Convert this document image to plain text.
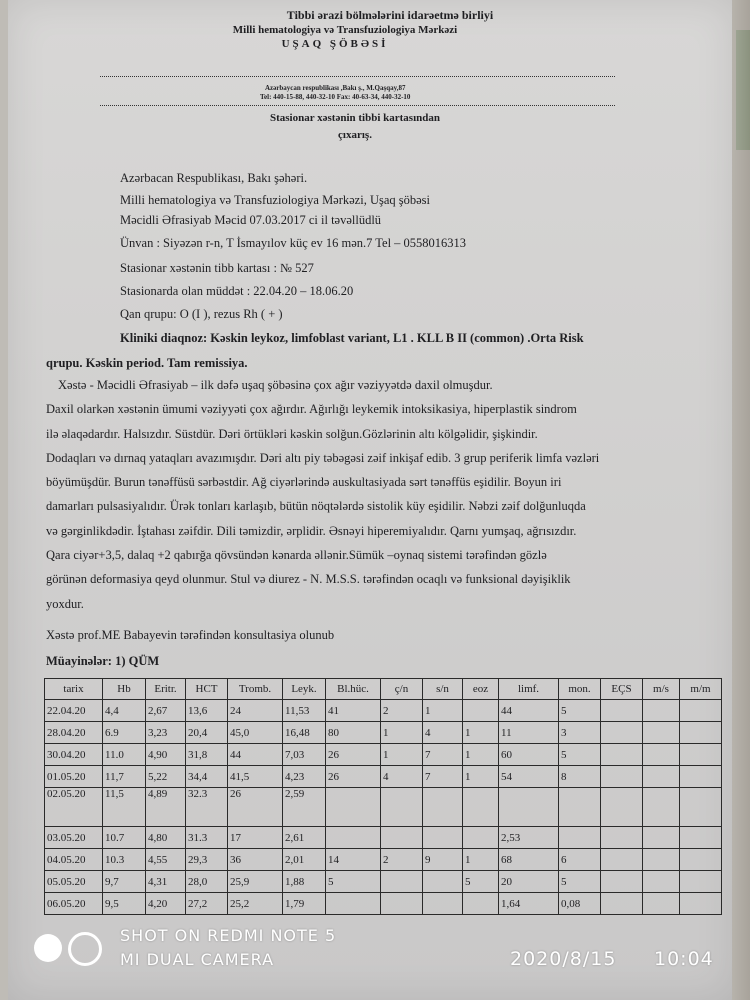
Tibbi ərazi bölmələrini idarəetmə birliyi
Milli hematologiya və Transfuziologiya Mərkəzi
UŞAQ ŞÖBƏSİ
Azərbaycan respublikası ,Bakı ş., M.Qaşqay,87
Tel: 440-15-88, 440-32-10 Fax: 40-63-34, 440-32-10
Stasionar xəstənin tibbi kartasından
çıxarış.
Azərbacan Respublikası, Bakı şəhəri.
Milli hematologiya və Transfuziologiya Mərkəzi, Uşaq şöbəsi
Məcidli Əfrasiyab Məcid 07.03.2017 ci il təvəllüdlü
Ünvan : Siyəzən r-n, T İsmayılov küç ev 16 mən.7 Tel – 0558016313
Stasionar xəstənin tibb kartası : № 527
Stasionarda olan müddət : 22.04.20 – 18.06.20
Qan qrupu: O (I ), rezus Rh ( + )
Kliniki diaqnoz: Kəskin leykoz, limfoblast variant, L1 . KLL B II (common) .Orta Risk
qrupu. Kəskin period. Tam remissiya.
Xəstə - Məcidli Əfrasiyab – ilk dəfə uşaq şöbəsinə çox ağır vəziyyətdə daxil olmuşdur.
Daxil olarkən xəstənin ümumi vəziyyəti çox ağırdır. Ağırlığı leykemik intoksikasiya, hiperplastik sindrom
ilə əlaqədardır. Halsızdır. Süstdür. Dəri örtükləri kəskin solğun.Gözlərinin altı kölgəlidir, şişkindir.
Dodaqları və dırnaq yataqları avazımışdır. Dəri altı piy təbəgəsi zəif inkişaf edib. 3 grup periferik limfa vəzləri
böyümüşdür. Burun tənəffüsü sərbəstdir. Ağ ciyərlərində auskultasiyada sərt tənəffüs eşidilir. Boyun iri
damarları pulsasiyalıdır. Ürək tonları karlaşıb, bütün nöqtələrdə sistolik küy eşidilir. Nəbzi zəif dolğunluqda
və gərginlikdədir. İştahası zəifdir. Dili təmizdir, ərplidir. Əsnəyi hiperemiyalıdır. Qarnı yumşaq, ağrısızdır.
Qara ciyər+3,5, dalaq +2 qabırğa qövsündən kənarda əllənir.Sümük –oynaq sistemi tərəfindən gözlə
görünən deformasiya qeyd olunmur. Stul və diurez - N. M.S.S. tərəfindən ocaqlı və funksional dəyişiklik
yoxdur.
Xəstə prof.ME Babayevin tərəfindən konsultasiya olunub
Müayinələr: 1) QÜM
tarix	Hb	Eritr.	HCT	Tromb.	Leyk.	Bl.hüc.	ç/n	s/n	eoz	limf.	mon.	EÇS	m/s	m/m
22.04.20	4,4	2,67	13,6	24	11,53	41	2	1		44	5			
28.04.20	6.9	3,23	20,4	45,0	16,48	80	1	4	1	11	3			
30.04.20	11.0	4,90	31,8	44	7,03	26	1	7	1	60	5			
01.05.20	11,7	5,22	34,4	41,5	4,23	26	4	7	1	54	8			
02.05.20	11,5	4,89	32.3	26	2,59									
03.05.20	10.7	4,80	31.3	17	2,61					2,53				
04.05.20	10.3	4,55	29,3	36	2,01	14	2	9	1	68	6			
05.05.20	9,7	4,31	28,0	25,9	1,88	5			5	20	5			
06.05.20	9,5	4,20	27,2	25,2	1,79					1,64	0,08			
SHOT ON REDMI NOTE 5
MI DUAL CAMERA	2020/8/15 10:04
